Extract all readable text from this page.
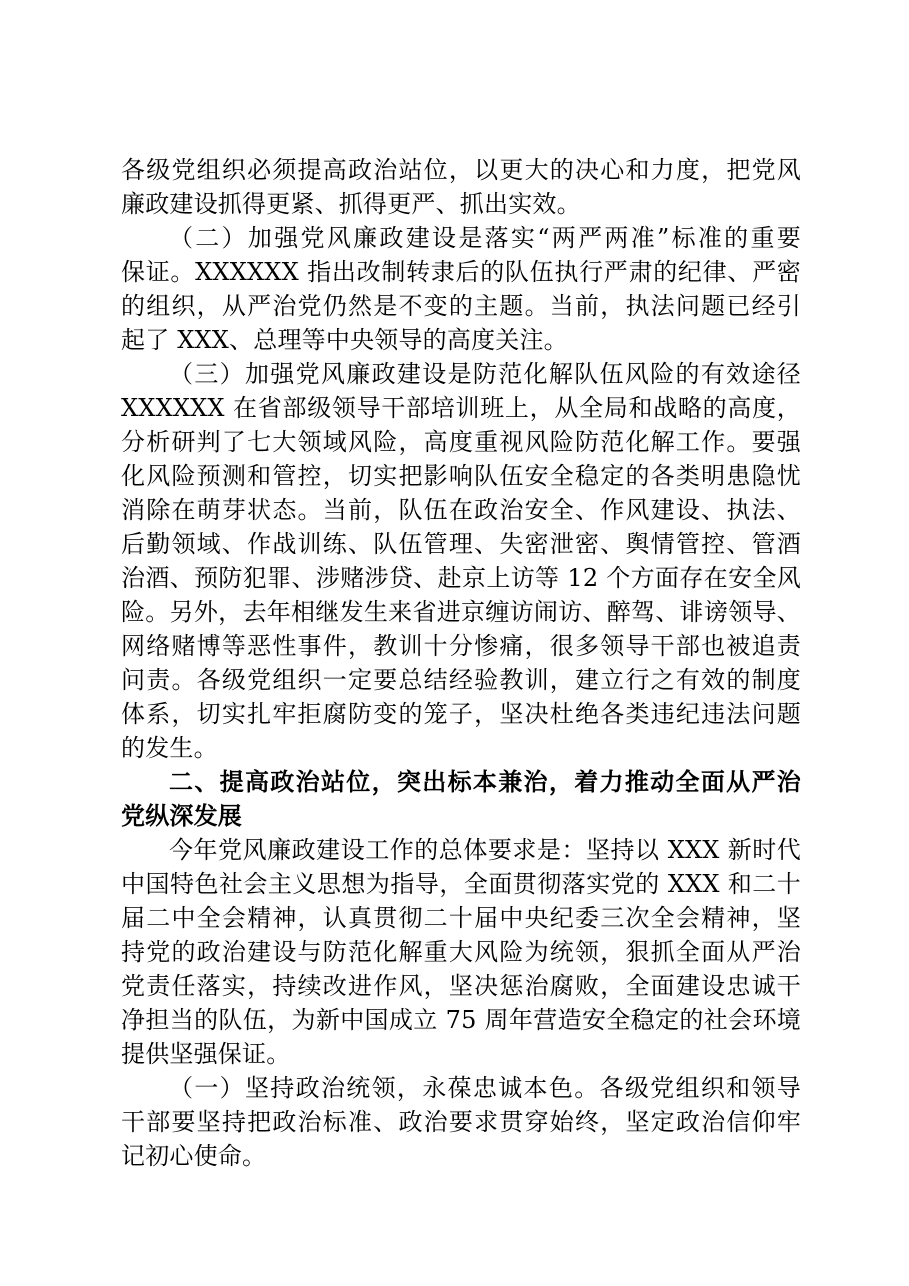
各级党组织必须提高政治站位，以更大的决心和力度，把党风
廉政建设抓得更紧、抓得更严、抓出实效。
（二）加强党风廉政建设是落实“两严两准”标准的重要
保证。XXXXXX 指出改制转隶后的队伍执行严肃的纪律、严密
的组织，从严治党仍然是不变的主题。当前，执法问题已经引
起了 XXX、总理等中央领导的高度关注。
（三）加强党风廉政建设是防范化解队伍风险的有效途径
XXXXXX 在省部级领导干部培训班上，从全局和战略的高度，
分析研判了七大领域风险，高度重视风险防范化解工作。要强
化风险预测和管控，切实把影响队伍安全稳定的各类明患隐忧
消除在萌芽状态。当前，队伍在政治安全、作风建设、执法、
后勤领域、作战训练、队伍管理、失密泄密、舆情管控、管酒
治酒、预防犯罪、涉赌涉贷、赴京上访等 12 个方面存在安全风
险。另外，去年相继发生来省进京缠访闹访、醉驾、诽谤领导、
网络赌博等恶性事件，教训十分惨痛，很多领导干部也被追责
问责。各级党组织一定要总结经验教训，建立行之有效的制度
体系，切实扎牢拒腐防变的笼子，坚决杜绝各类违纪违法问题
的发生。
二、提高政治站位，突出标本兼治，着力推动全面从严治
党纵深发展
今年党风廉政建设工作的总体要求是：坚持以 XXX 新时代
中国特色社会主义思想为指导，全面贯彻落实党的 XXX 和二十
届二中全会精神，认真贯彻二十届中央纪委三次全会精神，坚
持党的政治建设与防范化解重大风险为统领，狠抓全面从严治
党责任落实，持续改进作风，坚决惩治腐败，全面建设忠诚干
净担当的队伍，为新中国成立 75 周年营造安全稳定的社会环境
提供坚强保证。
（一）坚持政治统领，永葆忠诚本色。各级党组织和领导
干部要坚持把政治标准、政治要求贯穿始终，坚定政治信仰牢
记初心使命。
